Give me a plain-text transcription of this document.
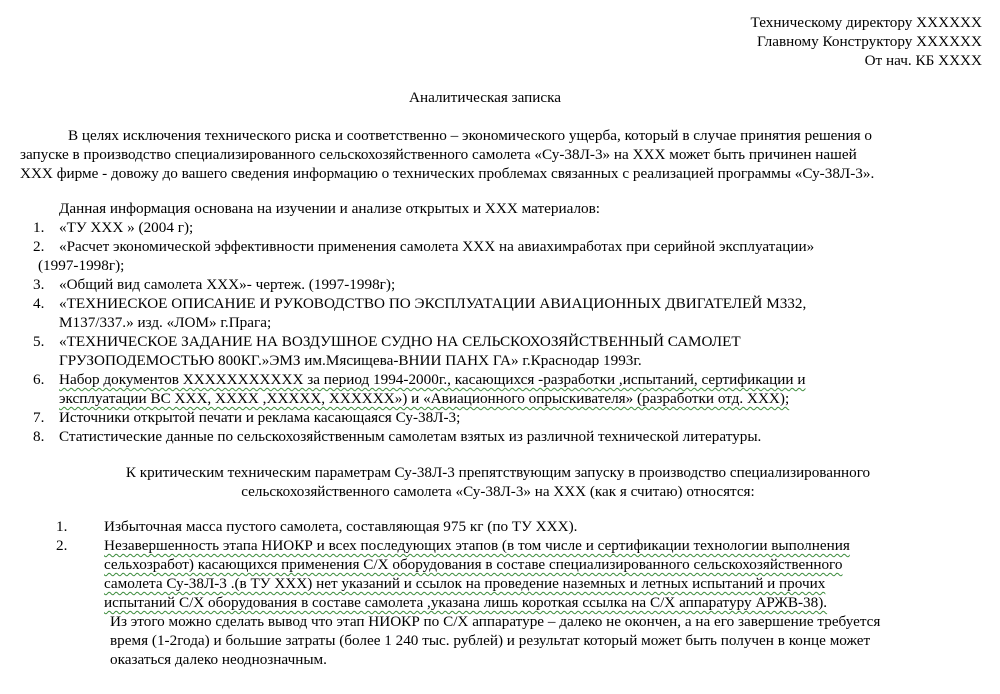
Техническому директору ХХХХХХ
Главному Конструктору ХХХХХХ
От нач. КБ ХХХХ
Аналитическая записка
В целях исключения технического риска и соответственно – экономического ущерба, который в случае принятия решения о
запуске в производство специализированного сельскохозяйственного самолета «Су-38Л-3» на ХХХ может быть причинен нашей
ХХХ фирме - довожу до вашего сведения информацию о технических проблемах связанных с реализацией программы «Су-38Л-3».
Данная информация основана на изучении и анализе открытых и ХХХ материалов:
1. «ТУ ХХХ » (2004 г);
2. «Расчет экономической эффективности применения самолета ХХХ на авиахимработах при серийной эксплуатации»
(1997-1998г);
3. «Общий вид самолета ХХХ»- чертеж. (1997-1998г);
4. «ТЕХНИЕСКОЕ ОПИСАНИЕ И РУКОВОДСТВО ПО ЭКСПЛУАТАЦИИ АВИАЦИОННЫХ ДВИГАТЕЛЕЙ М332,
М137/337.» изд. «ЛОМ» г.Прага;
5. «ТЕХНИЧЕСКОЕ ЗАДАНИЕ НА ВОЗДУШНОЕ СУДНО НА СЕЛЬСКОХОЗЯЙСТВЕННЫЙ САМОЛЕТ
ГРУЗОПОДЕМОСТЬЮ 800КГ.»ЭМЗ им.Мясищева-ВНИИ ПАНХ ГА» г.Краснодар 1993г.
6. Набор документов ХХХХХХХХХХХ за период 1994-2000г., касающихся -разработки ,испытаний, сертификации и
эксплуатации ВС ХХХ, ХХХХ ,ХХХХХ, ХХХХХХ») и «Авиационного опрыскивателя» (разработки отд. ХХХ);
7. Источники открытой печати и реклама касающаяся Су-38Л-3;
8. Статистические данные по сельскохозяйственным самолетам взятых из различной технической литературы.
К критическим техническим параметрам Су-38Л-3 препятствующим запуску в производство специализированного
сельскохозяйственного самолета «Су-38Л-3» на ХХХ (как я считаю) относятся:
1. Избыточная масса пустого самолета, составляющая 975 кг (по ТУ ХХХ).
2. Незавершенность этапа НИОКР и всех последующих этапов (в том числе и сертификации технологии выполнения
сельхозработ) касающихся применения С/Х оборудования в составе специализированного сельскохозяйственного
самолета Су-38Л-3 .(в ТУ ХХХ) нет указаний и ссылок на проведение наземных и летных испытаний и прочих
испытаний С/Х оборудования в составе самолета ,указана лишь короткая ссылка на С/Х аппаратуру АРЖВ-38).
Из этого можно сделать вывод что этап НИОКР по С/Х аппаратуре – далеко не окончен, а на его завершение требуется
время (1-2года) и большие затраты (более 1 240 тыс. рублей) и результат который может быть получен в конце может
оказаться далеко неоднозначным.
